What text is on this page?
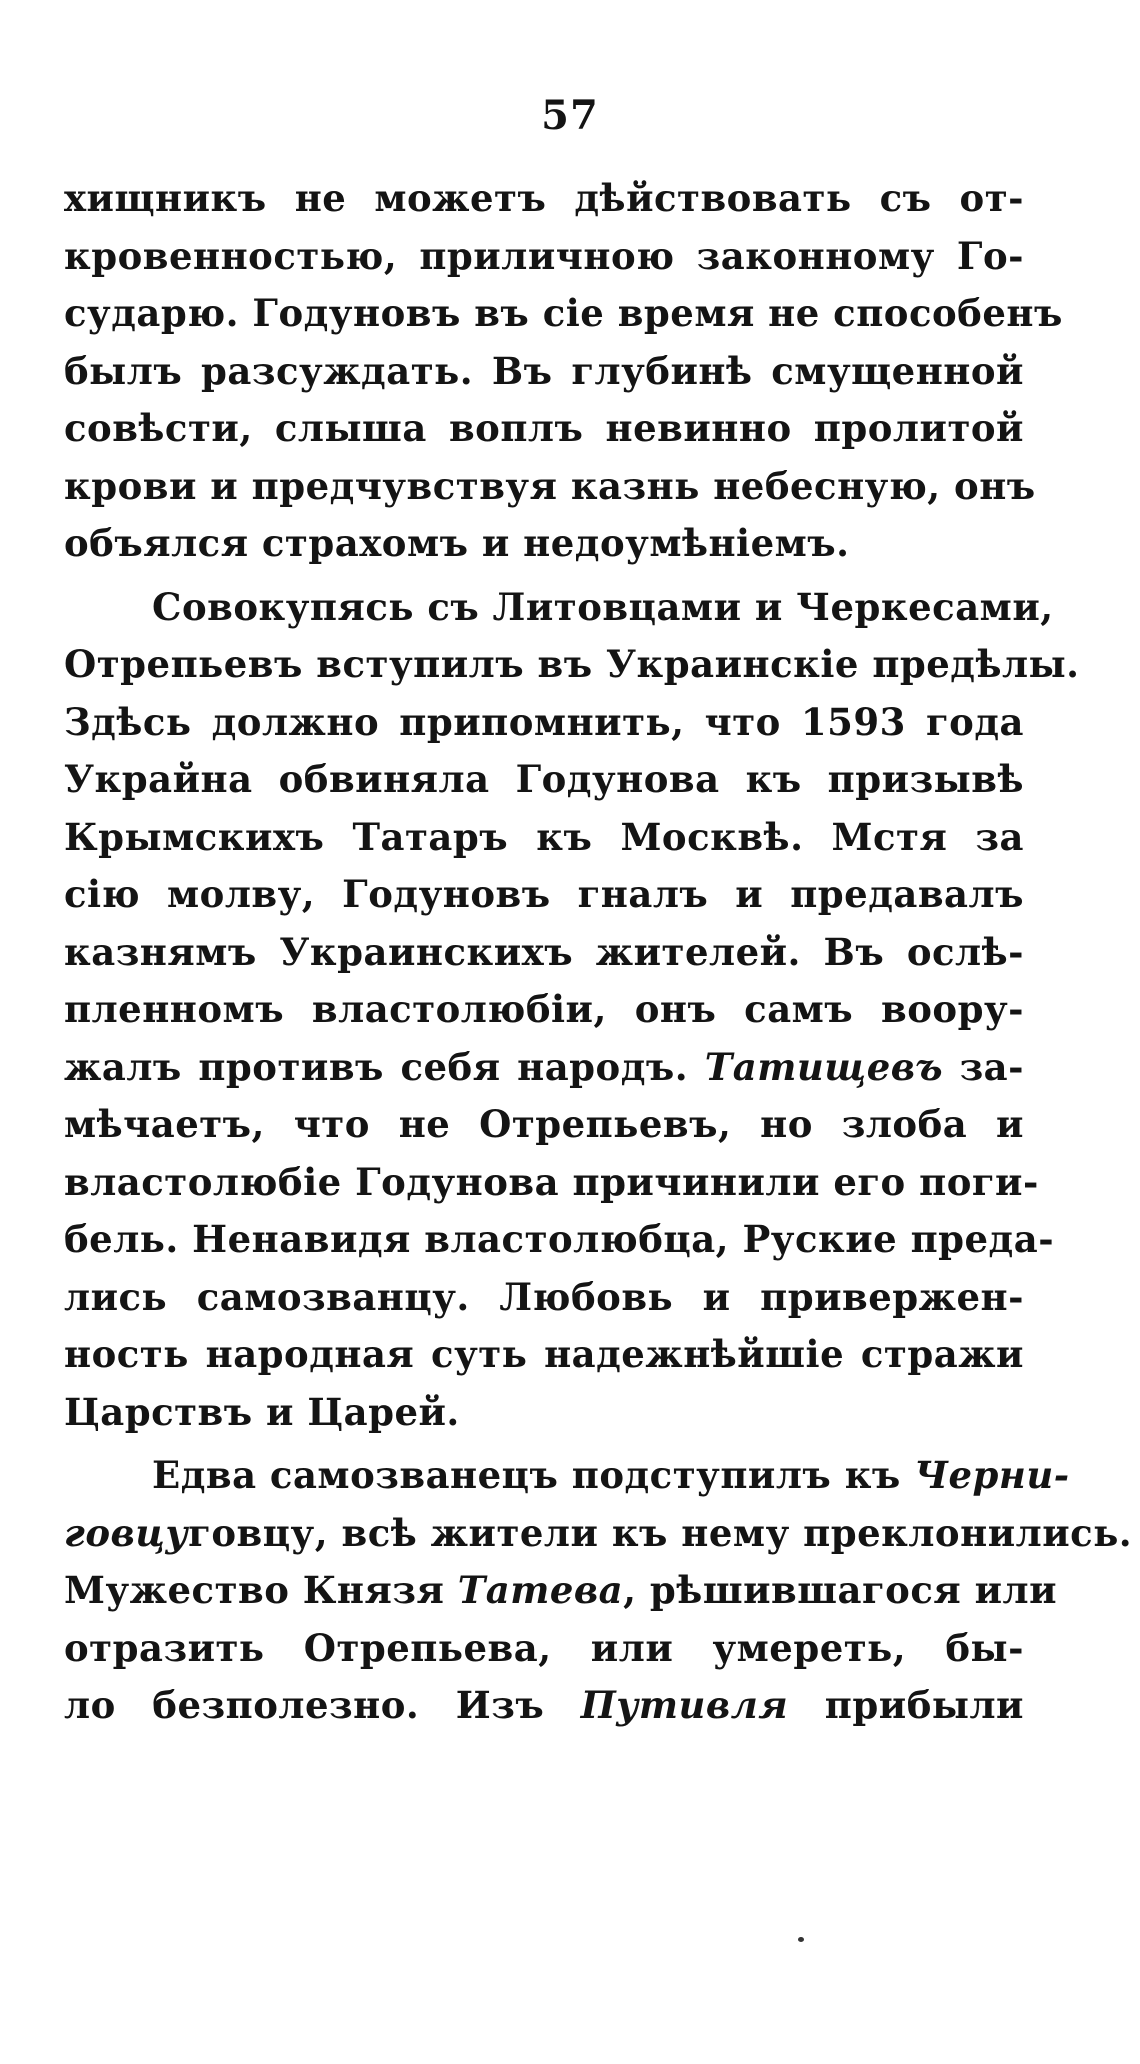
57
хищникъ не можетъ дѣйствовать съ от-
кровенностью, приличною законному Го-
сударю. Годуновъ въ сіе время не способенъ
былъ разсуждать. Въ глубинѣ смущенной
совѣсти, слыша воплъ невинно пролитой
крови и предчувствуя казнь небесную, онъ
объялся страхомъ и недоумѣніемъ.
Совокупясь съ Литовцами и Черкесами,
Отрепьевъ вступилъ въ Украинскіе предѣлы.
Здѣсь должно припомнить, что 1593 года
Украйна обвиняла Годунова къ призывѣ
Крымскихъ Татаръ къ Москвѣ. Мстя за
сію молву, Годуновъ гналъ и предавалъ
казнямъ Украинскихъ жителей. Въ ослѣ-
пленномъ властолюбіи, онъ самъ воору-
жалъ противъ себя народъ. Татищевъ за-
мѣчаетъ, что не Отрепьевъ, но злоба и
властолюбіе Годунова причинили его поги-
бель. Ненавидя властолюбца, Руские преда-
лись самозванцу. Любовь и привержен-
ность народная суть надежнѣйшіе стражи
Царствъ и Царей.
Едва самозванецъ подступилъ къ Черни-
говцуговцу, всѣ жители къ нему преклонились.
Мужество Князя Татева, рѣшившагося или
отразить Отрепьева, или умереть, бы-
ло безполезно. Изъ Путивля прибыли
